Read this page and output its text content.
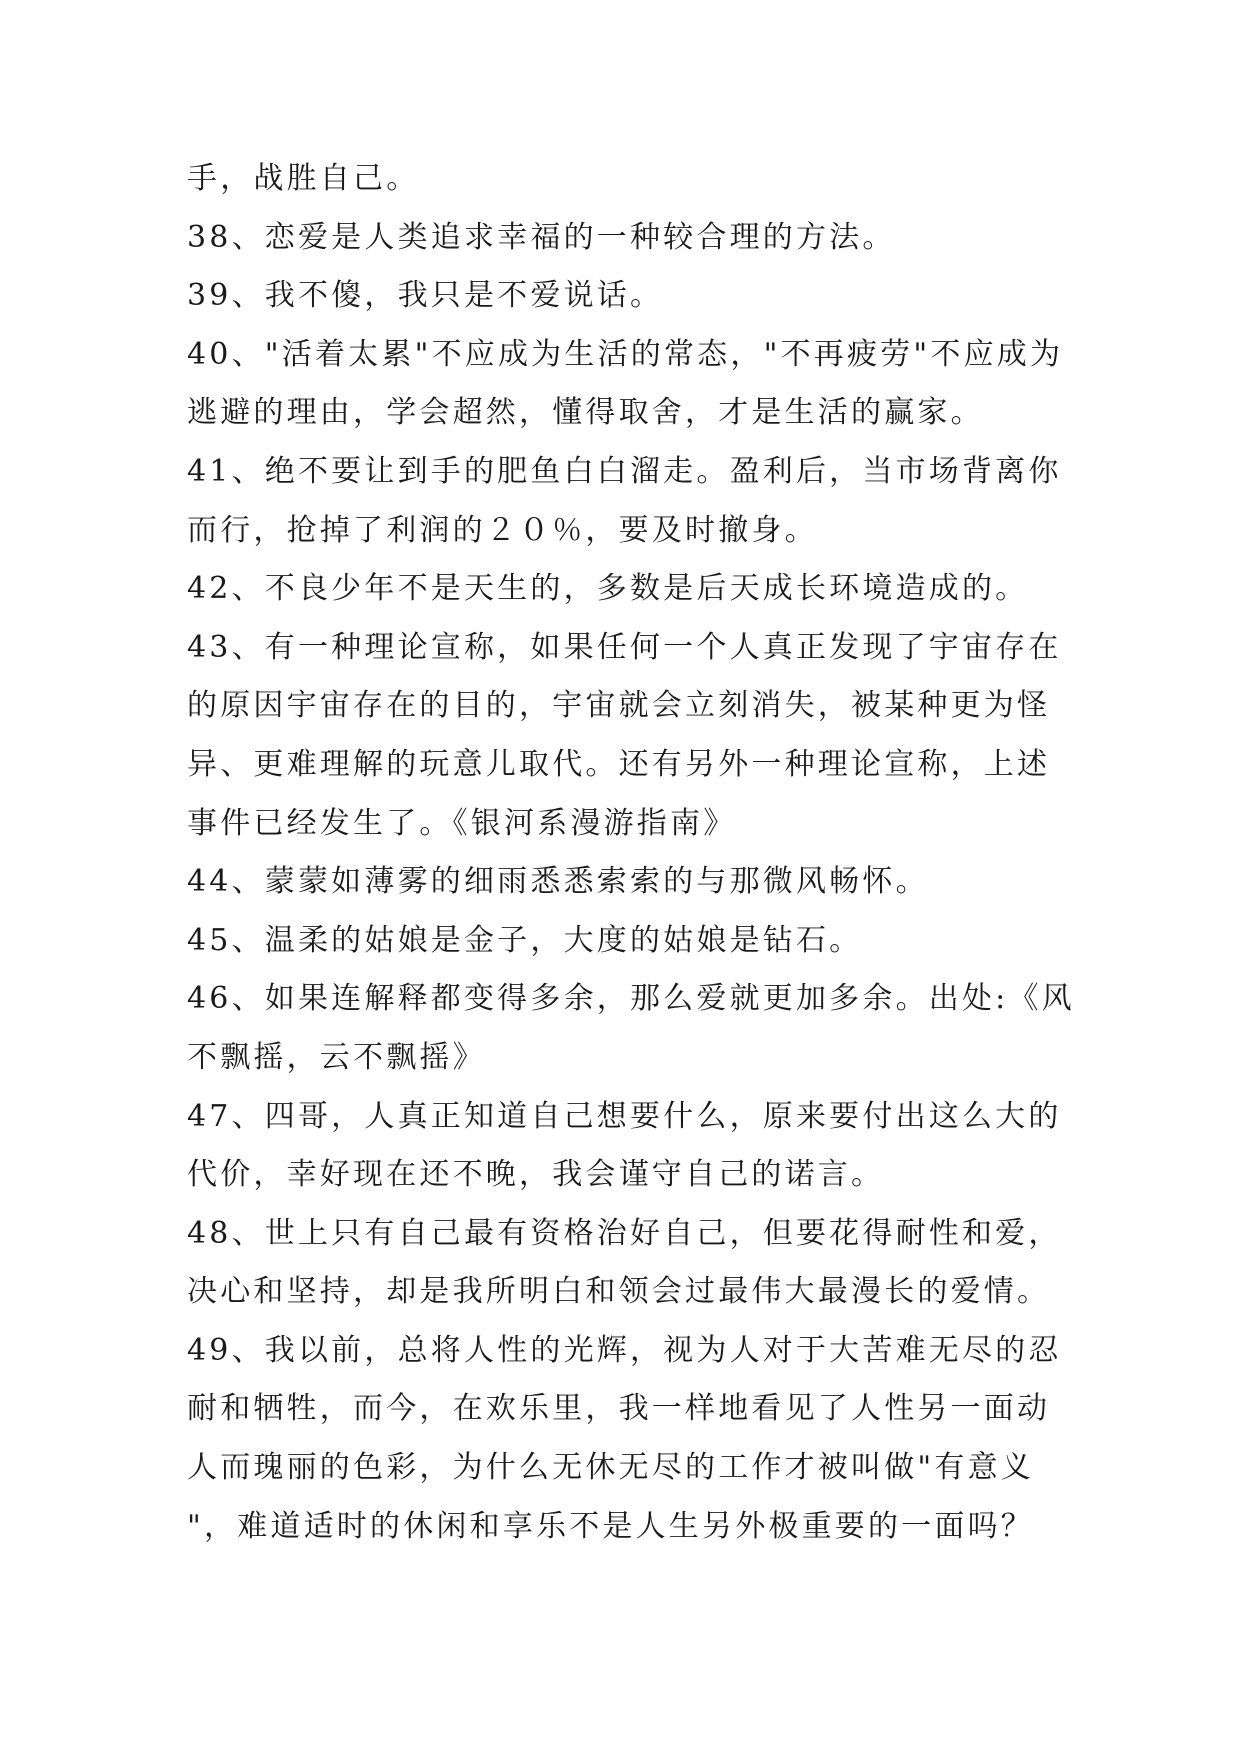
手，战胜自己。
38、恋爱是人类追求幸福的一种较合理的方法。
39、我不傻，我只是不爱说话。
40、"活着太累"不应成为生活的常态，"不再疲劳"不应成为
逃避的理由，学会超然，懂得取舍，才是生活的赢家。
41、绝不要让到手的肥鱼白白溜走。盈利后，当市场背离你
而行，抢掉了利润的２０％，要及时撤身。
42、不良少年不是天生的，多数是后天成长环境造成的。
43、有一种理论宣称，如果任何一个人真正发现了宇宙存在
的原因宇宙存在的目的，宇宙就会立刻消失，被某种更为怪
异、更难理解的玩意儿取代。还有另外一种理论宣称，上述
事件已经发生了。《银河系漫游指南》
44、蒙蒙如薄雾的细雨悉悉索索的与那微风畅怀。
45、温柔的姑娘是金子，大度的姑娘是钻石。
46、如果连解释都变得多余，那么爱就更加多余。出处:《风
不飘摇，云不飘摇》
47、四哥，人真正知道自己想要什么，原来要付出这么大的
代价，幸好现在还不晚，我会谨守自己的诺言。
48、世上只有自己最有资格治好自己，但要花得耐性和爱，
决心和坚持，却是我所明白和领会过最伟大最漫长的爱情。
49、我以前，总将人性的光辉，视为人对于大苦难无尽的忍
耐和牺牲，而今，在欢乐里，我一样地看见了人性另一面动
人而瑰丽的色彩，为什么无休无尽的工作才被叫做"有意义
"，难道适时的休闲和享乐不是人生另外极重要的一面吗？
